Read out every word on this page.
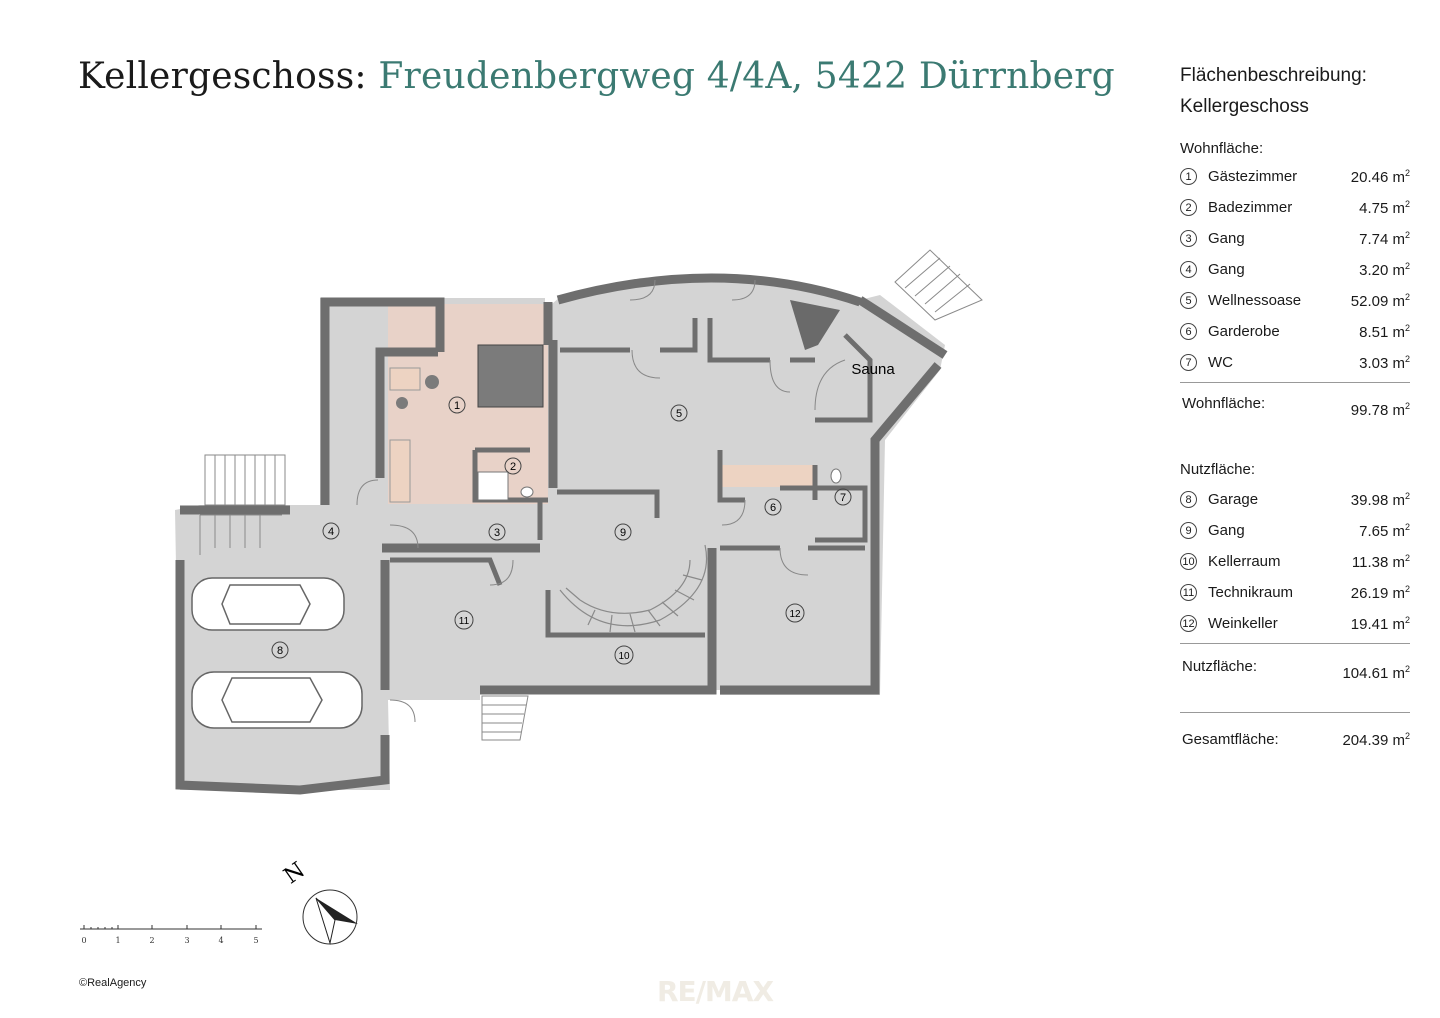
Kellergeschoss: Freudenbergweg 4/4A, 5422 Dürrnberg
1
2
3
4
5
6
7
8
9
10
11
12
Sauna
N
0	1	2	3	4	5
Flächenbeschreibung:
Kellergeschoss
Wohnfläche:
1	Gästezimmer	20.46 $m^2$
2	Badezimmer	4.75 $m^2$
3	Gang	7.74 $m^2$
4	Gang	3.20 $m^2$
5	Wellnessoase	52.09 $m^2$
6	Garderobe	8.51 $m^2$
7	WC	3.03 $m^2$
Wohnfläche:	99.78 $m^2$
Nutzfläche:
8	Garage	39.98 $m^2$
9	Gang	7.65 $m^2$
10 Kellerraum	11.38 $m^2$
11 Technikraum	26.19 $m^2$
12 Weinkeller	19.41 $m^2$
Nutzfläche:	104.61 $m^2$
Gesamtfläche:	204.39 $m^2$
©RealAgency	RE/MAX
